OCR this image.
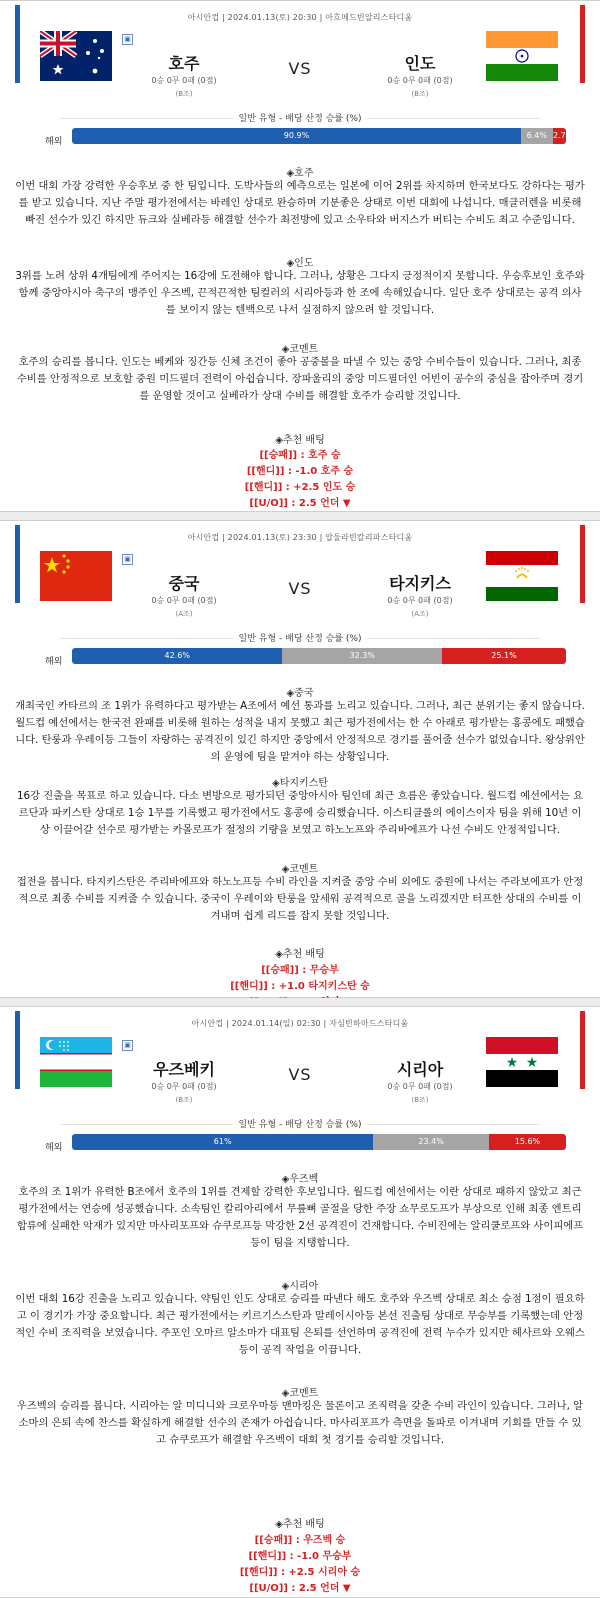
아시안컵 | 2024.01.13(토) 20:30 | 아흐메드빈알리스타디움
▣
호주	VS	인도
0승 0무 0패 (0점)	0승 0무 0패 (0점)
(B조)	(B조)
일반 유형 - 배당 산정 승률 (%)
해외
90.9%	6.4% 2.7
◈호주
이번 대회 가장 강력한 우승후보 중 한 팀입니다. 도박사들의 예측으로는 일본에 이어 2위를 차지하며 한국보다도 강하다는 평가를 받고 있습니다. 지난 주말 평가전에서는 바레인 상대로 완승하며 기분좋은 상태로 이번 대회에 나섭니다. 매클러렌을 비롯해 빠진 선수가 있긴 하지만 듀크와 실베라등 해결할 선수가 최전방에 있고 소우타와 버지스가 버티는 수비도 최고 수준입니다.
◈인도
3위를 노려 상위 4개팀에게 주어지는 16강에 도전해야 합니다. 그러나, 상황은 그다지 긍정적이지 못합니다. 우승후보인 호주와 함께 중앙아시아 축구의 맹주인 우즈벡, 끈적끈적한 팀컬러의 시리아등과 한 조에 속해있습니다. 일단 호주 상대로는 공격 의사를 보이지 않는 텐백으로 나서 실점하지 않으려 할 것입니다.
◈코멘트
호주의 승리를 봅니다. 인도는 베케와 징간등 신체 조건이 좋아 공중볼을 따낼 수 있는 중앙 수비수들이 있습니다. 그러나, 최종 수비를 안정적으로 보호할 중원 미드필더 전력이 아쉽습니다. 장파울리의 중앙 미드필더인 어빈이 공수의 중심을 잡아주며 경기를 운영할 것이고 실베라가 상대 수비를 해결할 호주가 승리할 것입니다.
◈추천 배팅
[[승패]] : 호주 승
[[핸디]] : -1.0 호주 승
[[핸디]] : +2.5 인도 승
[[U/O]] : 2.5 언더 ▼
아시안컵 | 2024.01.13(토) 23:30 | 압둘라빈칼리파스타디움
▣
중국	VS	타지키스
0승 0무 0패 (0점)	0승 0무 0패 (0점)
(A조)	(A조)
일반 유형 - 배당 산정 승률 (%)
해외
42.6%	32.3%	25.1%
◈중국
개최국인 카타르의 조 1위가 유력하다고 평가받는 A조에서 예선 통과를 노리고 있습니다. 그러나, 최근 분위기는 좋지 않습니다. 월드컵 예선에서는 한국전 완패를 비롯해 원하는 성적을 내지 못했고 최근 평가전에서는 한 수 아래로 평가받는 홍콩에도 패했습니다. 탄룽과 우레이등 그들이 자랑하는 공격진이 있긴 하지만 중앙에서 안정적으로 경기를 풀어줄 선수가 없었습니다. 왕상위안의 운영에 팀을 맡겨야 하는 상황입니다.
◈타지키스탄
16강 진출을 목표로 하고 있습니다. 다소 변방으로 평가되던 중앙아시아 팀인데 최근 흐름은 좋았습니다. 월드컵 예선에서는 요르단과 파키스탄 상대로 1승 1무를 기록했고 평가전에서도 홍콩에 승리했습니다. 이스티클롤의 에이스이자 팀을 위해 10년 이상 이끌어갈 선수로 평가받는 카몰로프가 절정의 기량을 보였고 하노노프와 주리바에프가 나선 수비도 안정적입니다.
◈코멘트
접전을 봅니다. 타지키스탄은 주리바에프와 하노노프등 수비 라인을 지켜줄 중앙 수비 외에도 중원에 나서는 주라보에프가 안정적으로 최종 수비를 지켜줄 수 있습니다. 중국이 우레이와 탄룽을 앞세워 공격적으로 골을 노리겠지만 터프한 상대의 수비를 이겨내며 쉽게 리드를 잡지 못할 것입니다.
◈추천 배팅
[[승패]] : 무승부
[[핸디]] : +1.0 타지키스탄 승
아시안컵 | 2024.01.14(일) 02:30 | 자심빈하마드스타디움
▣
우즈베키	VS	시리아
0승 0무 0패 (0점)	0승 0무 0패 (0점)
(B조)	(B조)
일반 유형 - 배당 산정 승률 (%)
해외
61%	23.4%	15.6%
◈우즈벡
호주의 조 1위가 유력한 B조에서 호주의 1위를 견제할 강력한 후보입니다. 월드컵 예선에서는 이란 상대로 패하지 않았고 최근 평가전에서는 연승에 성공했습니다. 소속팀인 칼리아리에서 무릎뼈 골절을 당한 주장 쇼무로도프가 부상으로 인해 최종 엔트리 합류에 실패한 악재가 있지만 마사리포프와 슈쿠로프등 막강한 2선 공격진이 건재합니다. 수비진에는 알리쿨로프와 사이피에프등이 팀을 지탱합니다.
◈시리아
이번 대회 16강 진출을 노리고 있습니다. 약팀인 인도 상대로 승리를 따낸다 해도 호주와 우즈벡 상대로 최소 승점 1점이 필요하고 이 경기가 가장 중요합니다. 최근 평가전에서는 키르기스스탄과 말레이시아등 본선 진출팀 상대로 무승부를 기록했는데 안정적인 수비 조직력을 보였습니다. 주포인 오마르 알소마가 대표팀 은퇴를 선언하며 공격진에 전력 누수가 있지만 헤사르와 오웨스등이 공격 작업을 이끕니다.
◈코멘트
우즈벡의 승리를 봅니다. 시리아는 알 미디니와 크로우마등 맨마킹은 물론이고 조직력을 갖춘 수비 라인이 있습니다. 그러나, 알소마의 은퇴 속에 찬스를 확실하게 해결할 선수의 존재가 아쉽습니다. 마사리포프가 측면을 돌파로 이겨내며 기회를 만들 수 있고 슈쿠로프가 해결할 우즈벡이 대회 첫 경기를 승리할 것입니다.
◈추천 배팅
[[승패]] : 우즈벡 승
[[핸디]] : -1.0 무승부
[[핸디]] : +2.5 시리아 승
[[U/O]] : 2.5 언더 ▼
